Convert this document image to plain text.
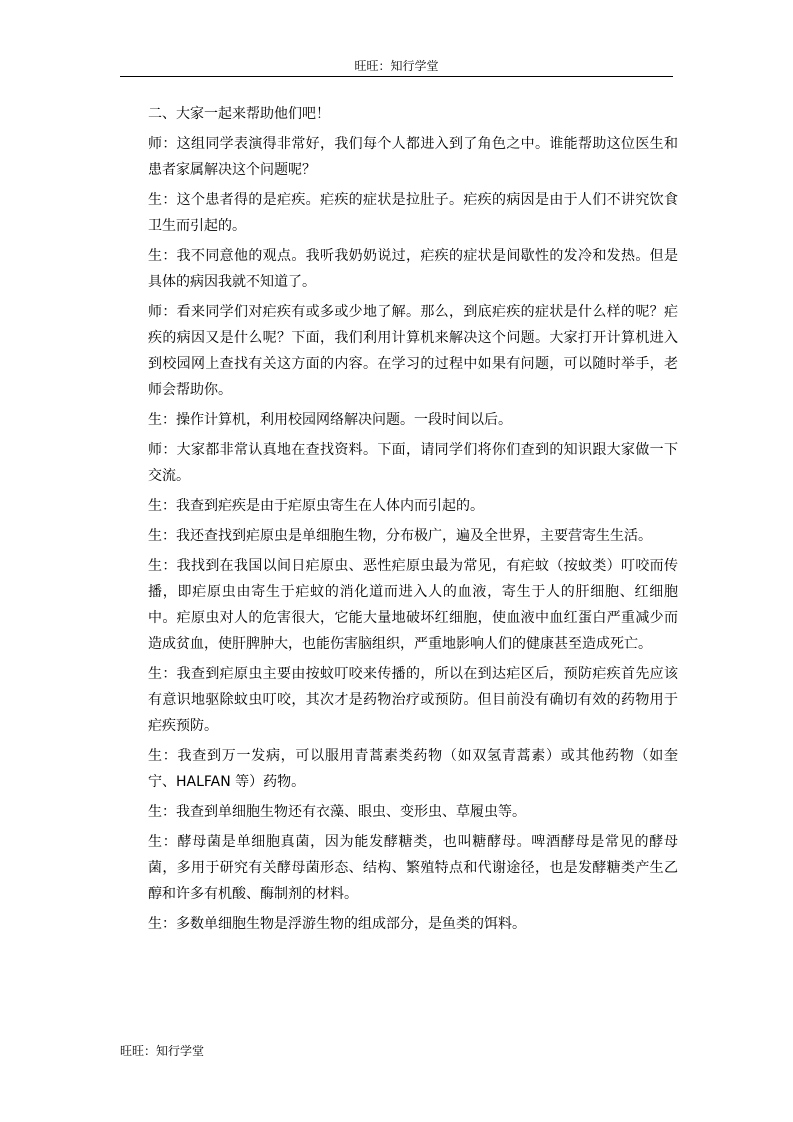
旺旺：知行学堂

二、大家一起来帮助他们吧！

师：这组同学表演得非常好，我们每个人都进入到了角色之中。谁能帮助这位医生和患者家属解决这个问题呢？

生：这个患者得的是疟疾。疟疾的症状是拉肚子。疟疾的病因是由于人们不讲究饮食卫生而引起的。

生：我不同意他的观点。我听我奶奶说过，疟疾的症状是间歇性的发冷和发热。但是具体的病因我就不知道了。

师：看来同学们对疟疾有或多或少地了解。那么，到底疟疾的症状是什么样的呢？疟疾的病因又是什么呢？下面，我们利用计算机来解决这个问题。大家打开计算机进入到校园网上查找有关这方面的内容。在学习的过程中如果有问题，可以随时举手，老师会帮助你。

生：操作计算机，利用校园网络解决问题。一段时间以后。

师：大家都非常认真地在查找资料。下面，请同学们将你们查到的知识跟大家做一下交流。

生：我查到疟疾是由于疟原虫寄生在人体内而引起的。

生：我还查找到疟原虫是单细胞生物，分布极广，遍及全世界，主要营寄生生活。

生：我找到在我国以间日疟原虫、恶性疟原虫最为常见，有疟蚊（按蚊类）叮咬而传播，即疟原虫由寄生于疟蚊的消化道而进入人的血液，寄生于人的肝细胞、红细胞中。疟原虫对人的危害很大，它能大量地破坏红细胞，使血液中血红蛋白严重减少而造成贫血，使肝脾肿大，也能伤害脑组织，严重地影响人们的健康甚至造成死亡。

生：我查到疟原虫主要由按蚊叮咬来传播的，所以在到达疟区后，预防疟疾首先应该有意识地驱除蚊虫叮咬，其次才是药物治疗或预防。但目前没有确切有效的药物用于疟疾预防。

生：我查到万一发病，可以服用青蒿素类药物（如双氢青蒿素）或其他药物（如奎宁、HALFAN 等）药物。

生：我查到单细胞生物还有衣藻、眼虫、变形虫、草履虫等。

生：酵母菌是单细胞真菌，因为能发酵糖类，也叫糖酵母。啤酒酵母是常见的酵母菌，多用于研究有关酵母菌形态、结构、繁殖特点和代谢途径，也是发酵糖类产生乙醇和许多有机酸、酶制剂的材料。

生：多数单细胞生物是浮游生物的组成部分，是鱼类的饵料。

旺旺：知行学堂
